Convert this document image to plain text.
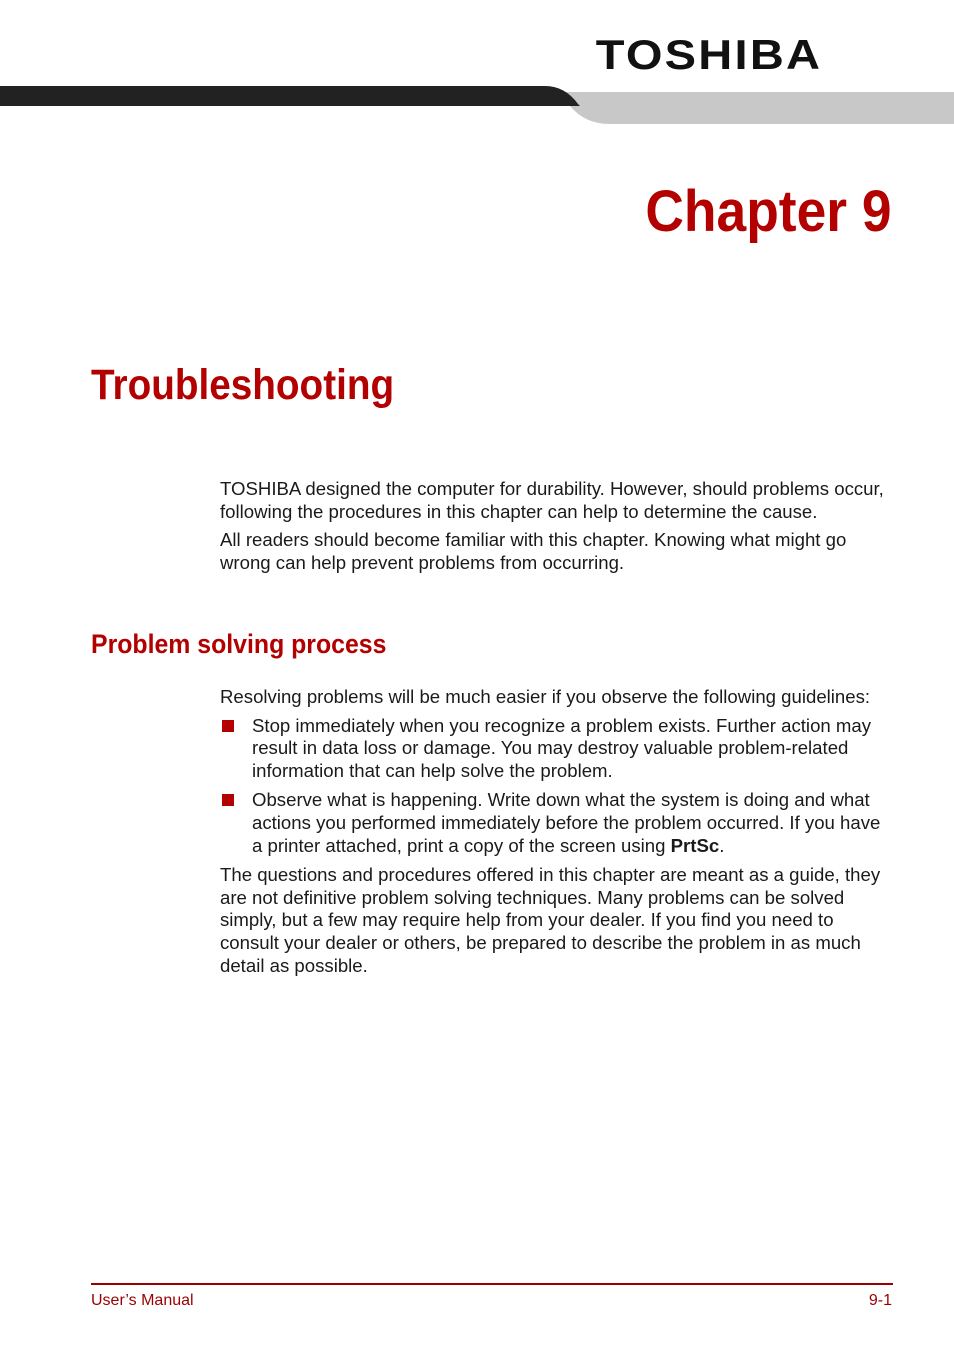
TOSHIBA
Chapter 9
Troubleshooting

TOSHIBA designed the computer for durability. However, should problems occur, following the procedures in this chapter can help to determine the cause.

All readers should become familiar with this chapter. Knowing what might go wrong can help prevent problems from occurring.

Problem solving process

Resolving problems will be much easier if you observe the following guidelines:

Stop immediately when you recognize a problem exists. Further action may result in data loss or damage. You may destroy valuable problem-related information that can help solve the problem.
Observe what is happening. Write down what the system is doing and what actions you performed immediately before the problem occurred. If you have a printer attached, print a copy of the screen using PrtSc.

The questions and procedures offered in this chapter are meant as a guide, they are not definitive problem solving techniques. Many problems can be solved simply, but a few may require help from your dealer. If you find you need to consult your dealer or others, be prepared to describe the problem in as much detail as possible.

User’s Manual	9-1
